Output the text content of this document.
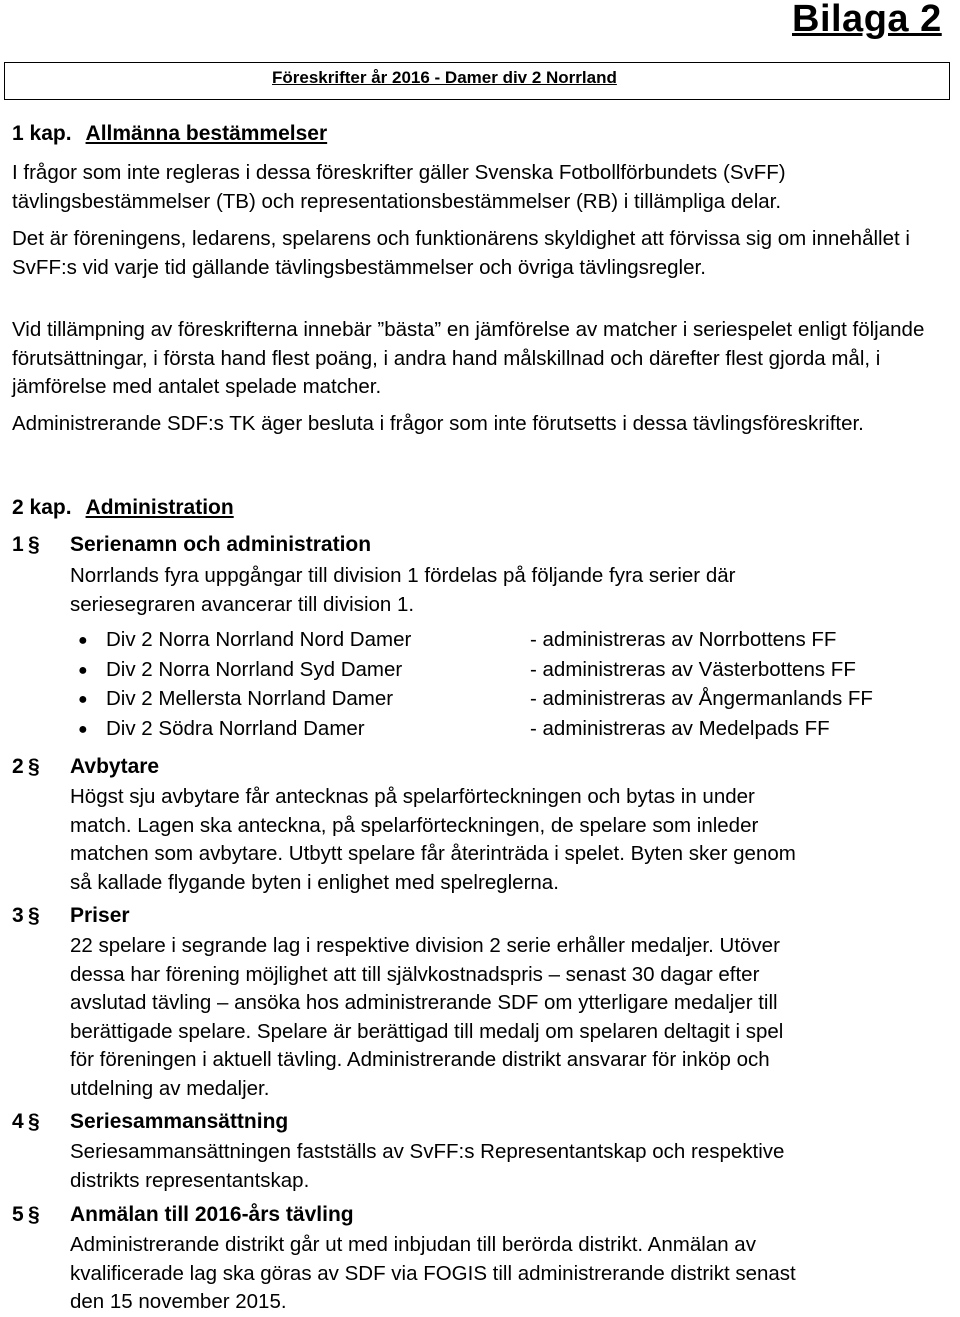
Bilaga 2
Föreskrifter år 2016 - Damer div 2 Norrland
1 kap. Allmänna bestämmelser
I frågor som inte regleras i dessa föreskrifter gäller Svenska Fotbollförbundets (SvFF) tävlingsbestämmelser (TB) och representationsbestämmelser (RB) i tillämpliga delar.
Det är föreningens, ledarens, spelarens och funktionärens skyldighet att förvissa sig om innehållet i SvFF:s vid varje tid gällande tävlingsbestämmelser och övriga tävlingsregler.
Vid tillämpning av föreskrifterna innebär ”bästa” en jämförelse av matcher i seriespelet enligt följande förutsättningar, i första hand flest poäng, i andra hand målskillnad och därefter flest gjorda mål, i jämförelse med antalet spelade matcher.
Administrerande SDF:s TK äger besluta i frågor som inte förutsetts i dessa tävlingsföreskrifter.
2 kap. Administration
1 § Serienamn och administration

Norrlands fyra uppgångar till division 1 fördelas på följande fyra serier där

seriesegraren avancerar till division 1.

● Div 2 Norra Norrland Nord Damer	- administreras av Norrbottens FF
● Div 2 Norra Norrland Syd Damer	- administreras av Västerbottens FF
● Div 2 Mellersta Norrland Damer	- administreras av Ångermanlands FF
● Div 2 Södra Norrland Damer	- administreras av Medelpads FF
2 § Avbytare

Högst sju avbytare får antecknas på spelarförteckningen och bytas in under

match. Lagen ska anteckna, på spelarförteckningen, de spelare som inleder

matchen som avbytare. Utbytt spelare får återinträda i spelet. Byten sker genom

så kallade flygande byten i enlighet med spelreglerna.

3 § Priser

22 spelare i segrande lag i respektive division 2 serie erhåller medaljer. Utöver

dessa har förening möjlighet att till självkostnadspris – senast 30 dagar efter

avslutad tävling – ansöka hos administrerande SDF om ytterligare medaljer till

berättigade spelare. Spelare är berättigad till medalj om spelaren deltagit i spel

för föreningen i aktuell tävling. Administrerande distrikt ansvarar för inköp och

utdelning av medaljer.

4 § Seriesammansättning

Seriesammansättningen fastställs av SvFF:s Representantskap och respektive

distrikts representantskap.

5 § Anmälan till 2016-års tävling

Administrerande distrikt går ut med inbjudan till berörda distrikt. Anmälan av

kvalificerade lag ska göras av SDF via FOGIS till administrerande distrikt senast

den 15 november 2015.
